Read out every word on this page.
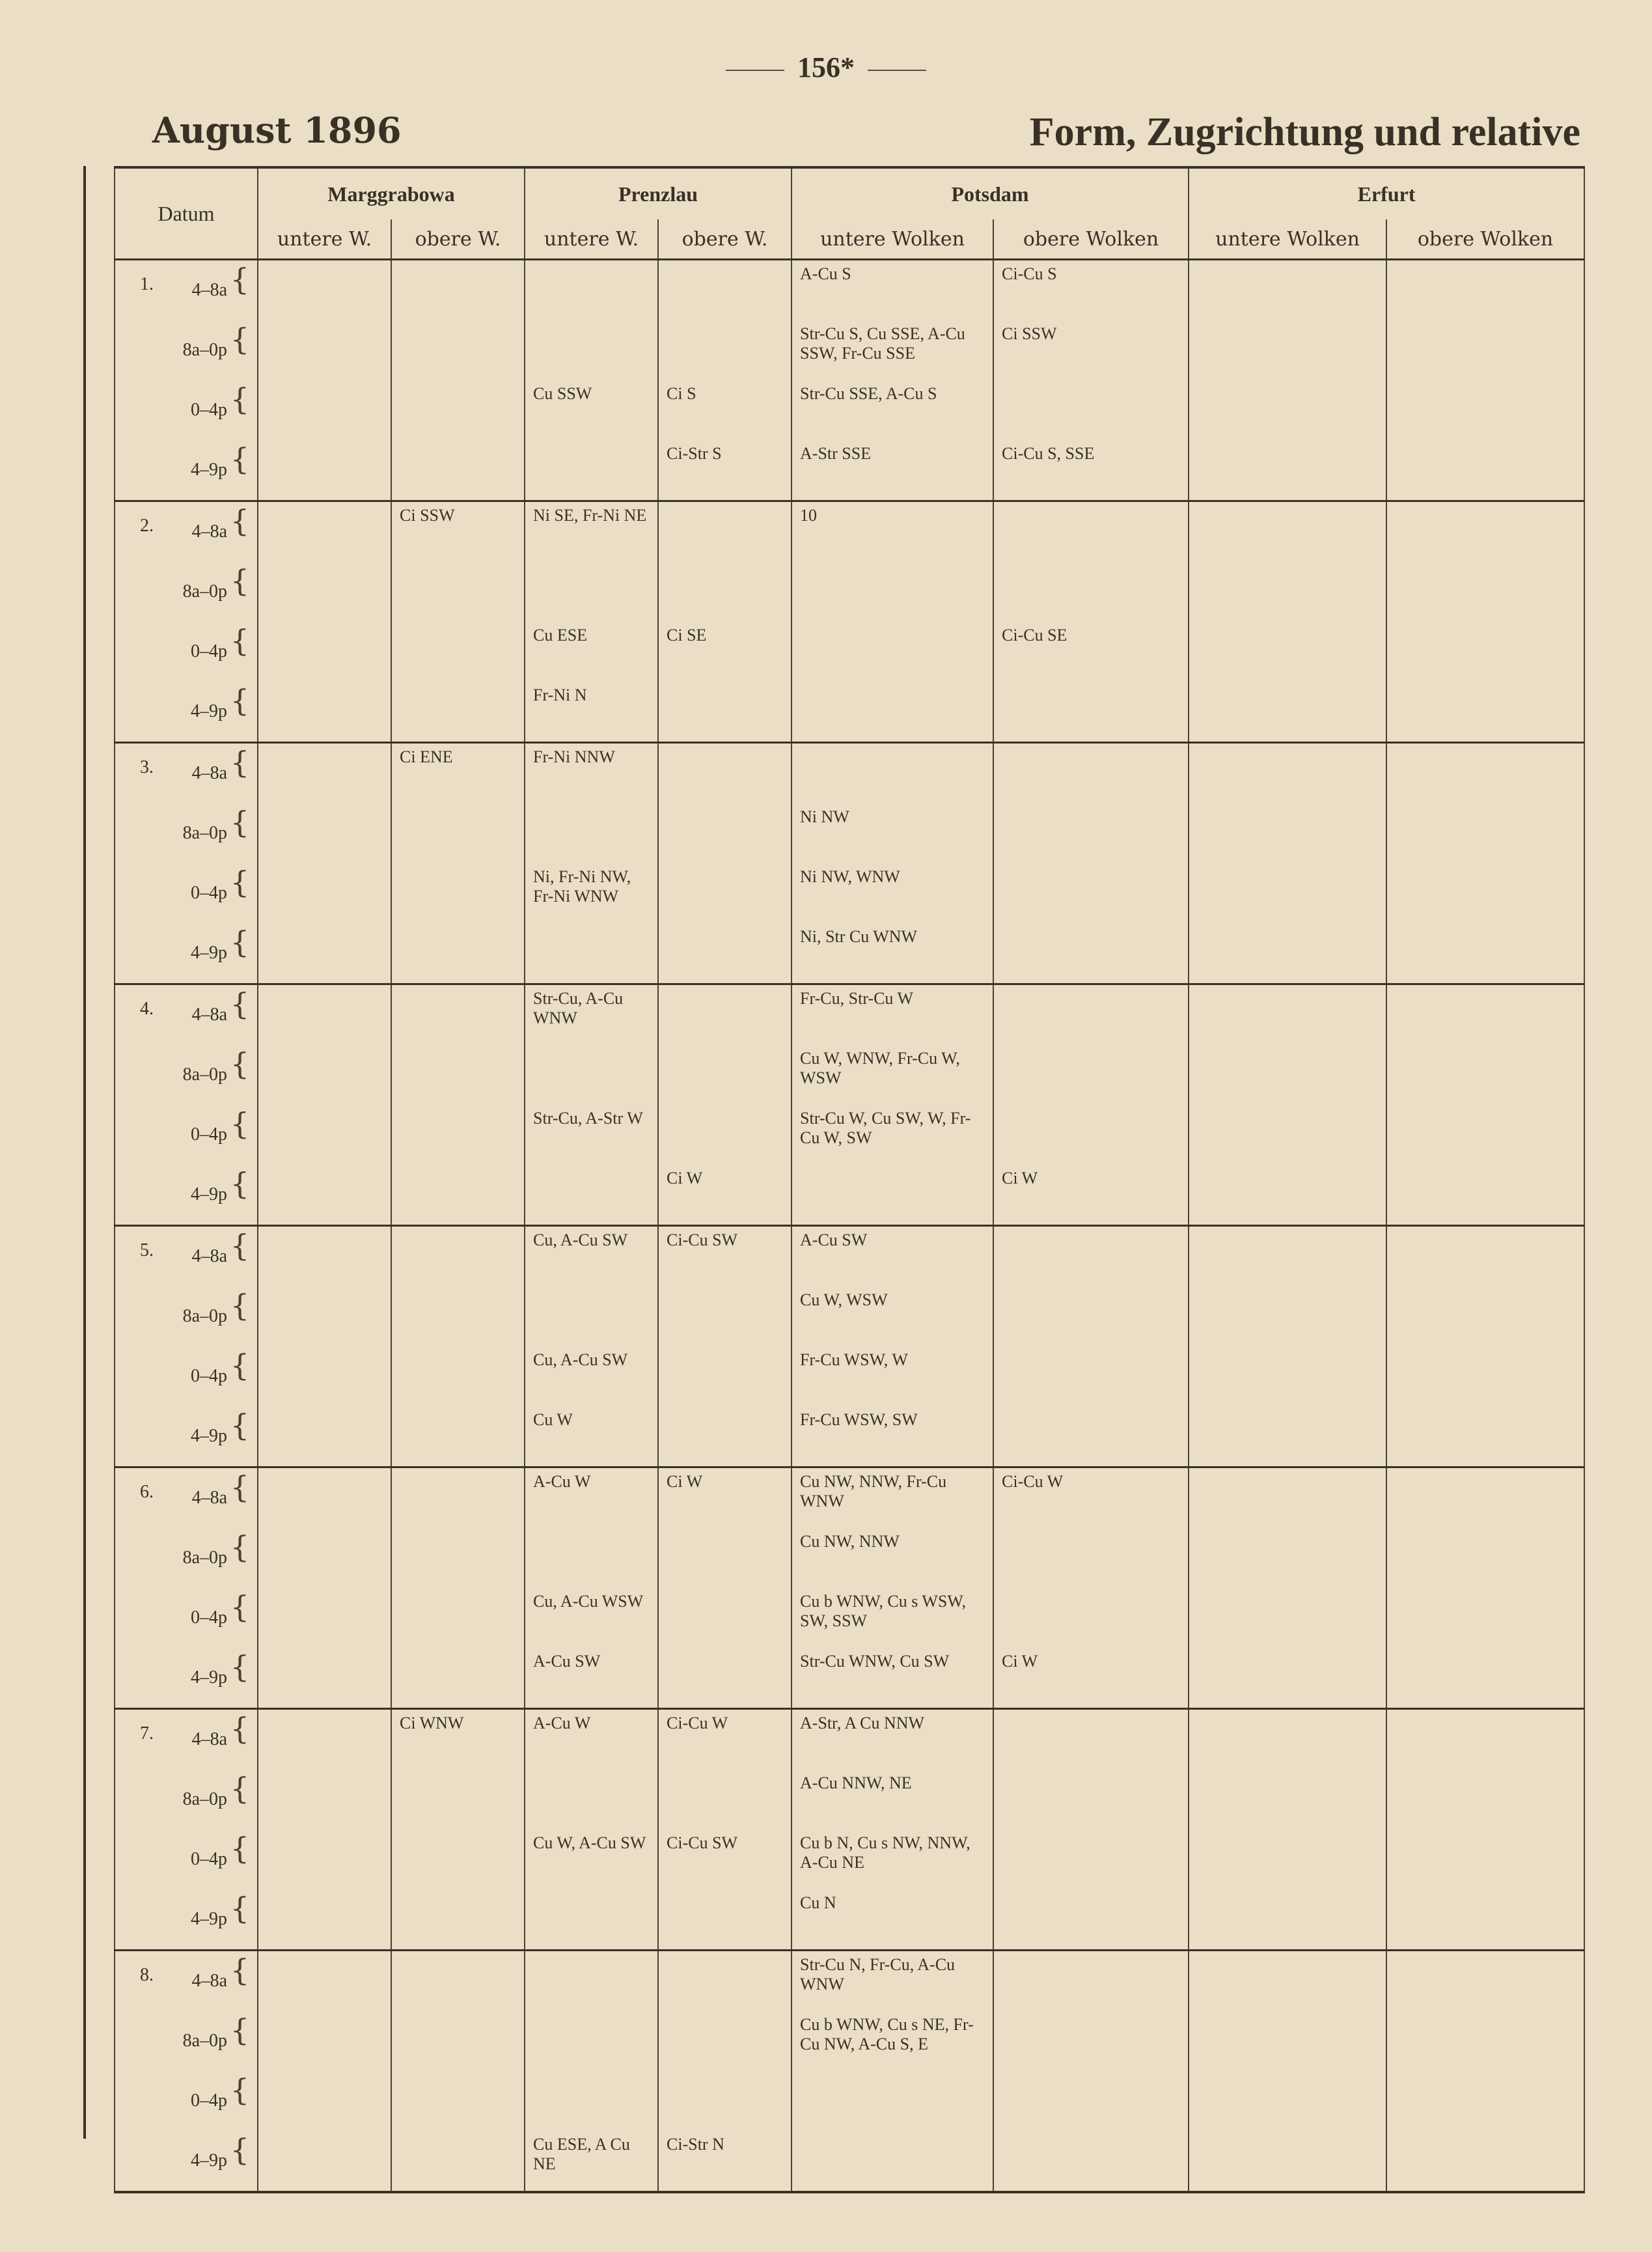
156*
August 1896	Form, Zugrichtung und relative
Datum	Marggrabowa		Prenzlau		Potsdam		Erfurt	
	untere W.	obere W.	untere W.	obere W.	untere Wolken	obere Wolken	untere Wolken	obere Wolken

1. 4–8a {					A-Cu S	Ci-Cu S		
8a–0p {					Str-Cu S, Cu SSE, A-Cu SSW, Fr-Cu SSE	Ci SSW		
0–4p {			Cu SSW	Ci S	Str-Cu SSE, A-Cu S			
4–9p {				Ci-Str S	A-Str SSE	Ci-Cu S, SSE		

2. 4–8a {		Ci SSW	Ni SE, Fr-Ni NE		10			
8a–0p {								
0–4p {			Cu ESE	Ci SE		Ci-Cu SE		
4–9p {			Fr-Ni N					

3. 4–8a {		Ci ENE	Fr-Ni NNW					
8a–0p {					Ni NW			
0–4p {			Ni, Fr-Ni NW, Fr-Ni WNW		Ni NW, WNW			
4–9p {					Ni, Str Cu WNW			

4. 4–8a {			Str-Cu, A-Cu WNW		Fr-Cu, Str-Cu W			
8a–0p {					Cu W, WNW, Fr-Cu W, WSW			
0–4p {			Str-Cu, A-Str W		Str-Cu W, Cu SW, W, Fr-Cu W, SW			
4–9p {				Ci W		Ci W		

5. 4–8a {			Cu, A-Cu SW	Ci-Cu SW	A-Cu SW			
8a–0p {					Cu W, WSW			
0–4p {			Cu, A-Cu SW		Fr-Cu WSW, W			
4–9p {			Cu W		Fr-Cu WSW, SW			

6. 4–8a {			A-Cu W	Ci W	Cu NW, NNW, Fr-Cu WNW	Ci-Cu W		
8a–0p {					Cu NW, NNW			
0–4p {			Cu, A-Cu WSW		Cu b WNW, Cu s WSW, SW, SSW			
4–9p {			A-Cu SW		Str-Cu WNW, Cu SW	Ci W		

7. 4–8a {		Ci WNW	A-Cu W	Ci-Cu W	A-Str, A Cu NNW			
8a–0p {					A-Cu NNW, NE			
0–4p {			Cu W, A-Cu SW	Ci-Cu SW	Cu b N, Cu s NW, NNW, A-Cu NE			
4–9p {					Cu N			

8. 4–8a {					Str-Cu N, Fr-Cu, A-Cu WNW			
8a–0p {					Cu b WNW, Cu s NE, Fr-Cu NW, A-Cu S, E			
0–4p {								
4–9p {			Cu ESE, A Cu NE	Ci-Str N				
